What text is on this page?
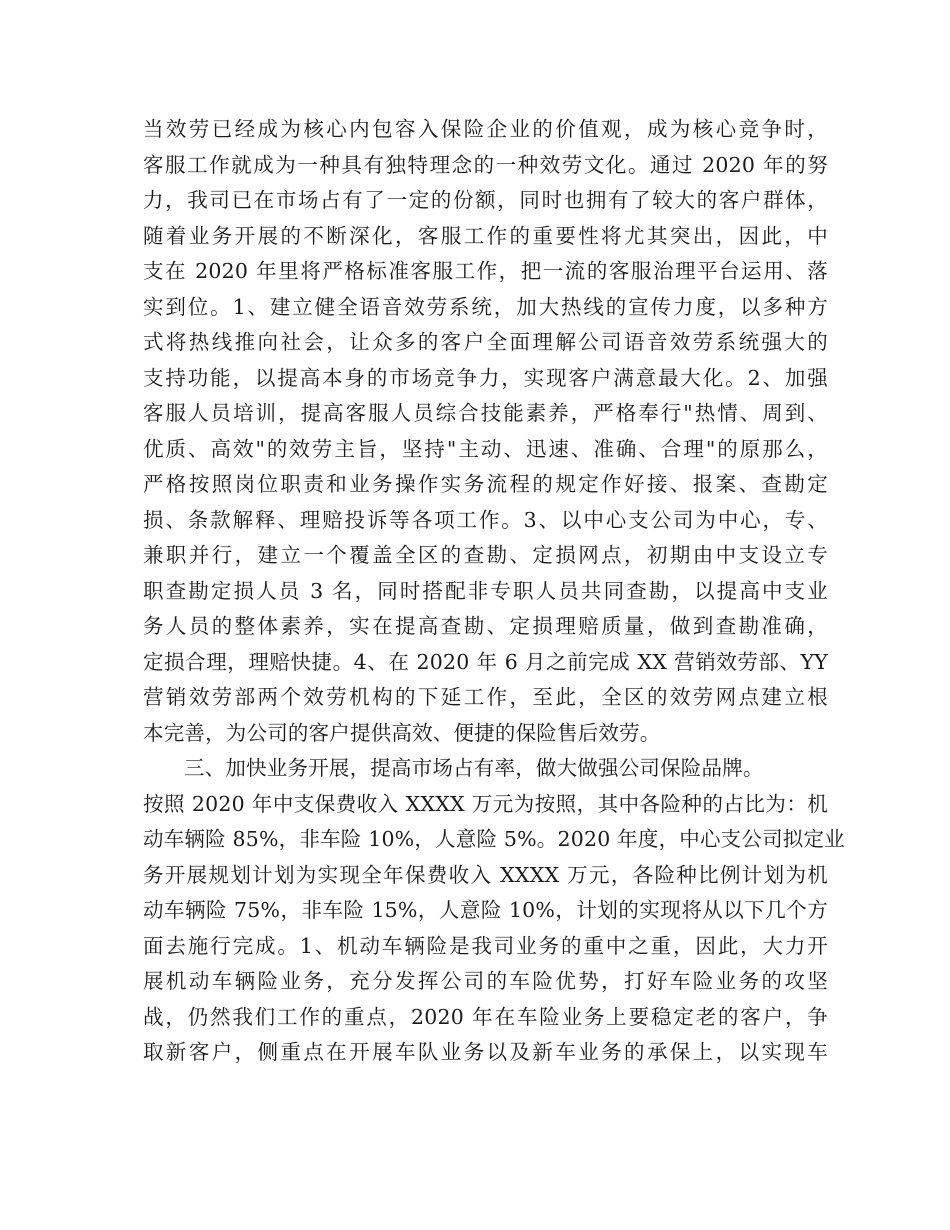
当效劳已经成为核心内包容入保险企业的价值观，成为核心竞争时，
客服工作就成为一种具有独特理念的一种效劳文化。通过 2020 年的努
力，我司已在市场占有了一定的份额，同时也拥有了较大的客户群体，
随着业务开展的不断深化，客服工作的重要性将尤其突出，因此，中
支在 2020 年里将严格标准客服工作，把一流的客服治理平台运用、落
实到位。1、建立健全语音效劳系统，加大热线的宣传力度，以多种方
式将热线推向社会，让众多的客户全面理解公司语音效劳系统强大的
支持功能，以提高本身的市场竞争力，实现客户满意最大化。2、加强
客服人员培训，提高客服人员综合技能素养，严格奉行"热情、周到、
优质、高效"的效劳主旨，坚持"主动、迅速、准确、合理"的原那么，
严格按照岗位职责和业务操作实务流程的规定作好接、报案、查勘定
损、条款解释、理赔投诉等各项工作。3、以中心支公司为中心，专、
兼职并行，建立一个覆盖全区的查勘、定损网点，初期由中支设立专
职查勘定损人员 3 名，同时搭配非专职人员共同查勘，以提高中支业
务人员的整体素养，实在提高查勘、定损理赔质量，做到查勘准确，
定损合理，理赔快捷。4、在 2020 年 6 月之前完成 XX 营销效劳部、YY
营销效劳部两个效劳机构的下延工作，至此，全区的效劳网点建立根
本完善，为公司的客户提供高效、便捷的保险售后效劳。
三、加快业务开展，提高市场占有率，做大做强公司保险品牌。
按照 2020 年中支保费收入 XXXX 万元为按照，其中各险种的占比为：机
动车辆险 85%，非车险 10%，人意险 5%。2020 年度，中心支公司拟定业
务开展规划计划为实现全年保费收入 XXXX 万元，各险种比例计划为机
动车辆险 75%，非车险 15%，人意险 10%，计划的实现将从以下几个方
面去施行完成。1、机动车辆险是我司业务的重中之重，因此，大力开
展机动车辆险业务，充分发挥公司的车险优势，打好车险业务的攻坚
战，仍然我们工作的重点，2020 年在车险业务上要稳定老的客户，争
取新客户，侧重点在开展车队业务以及新车业务的承保上，以实现车
